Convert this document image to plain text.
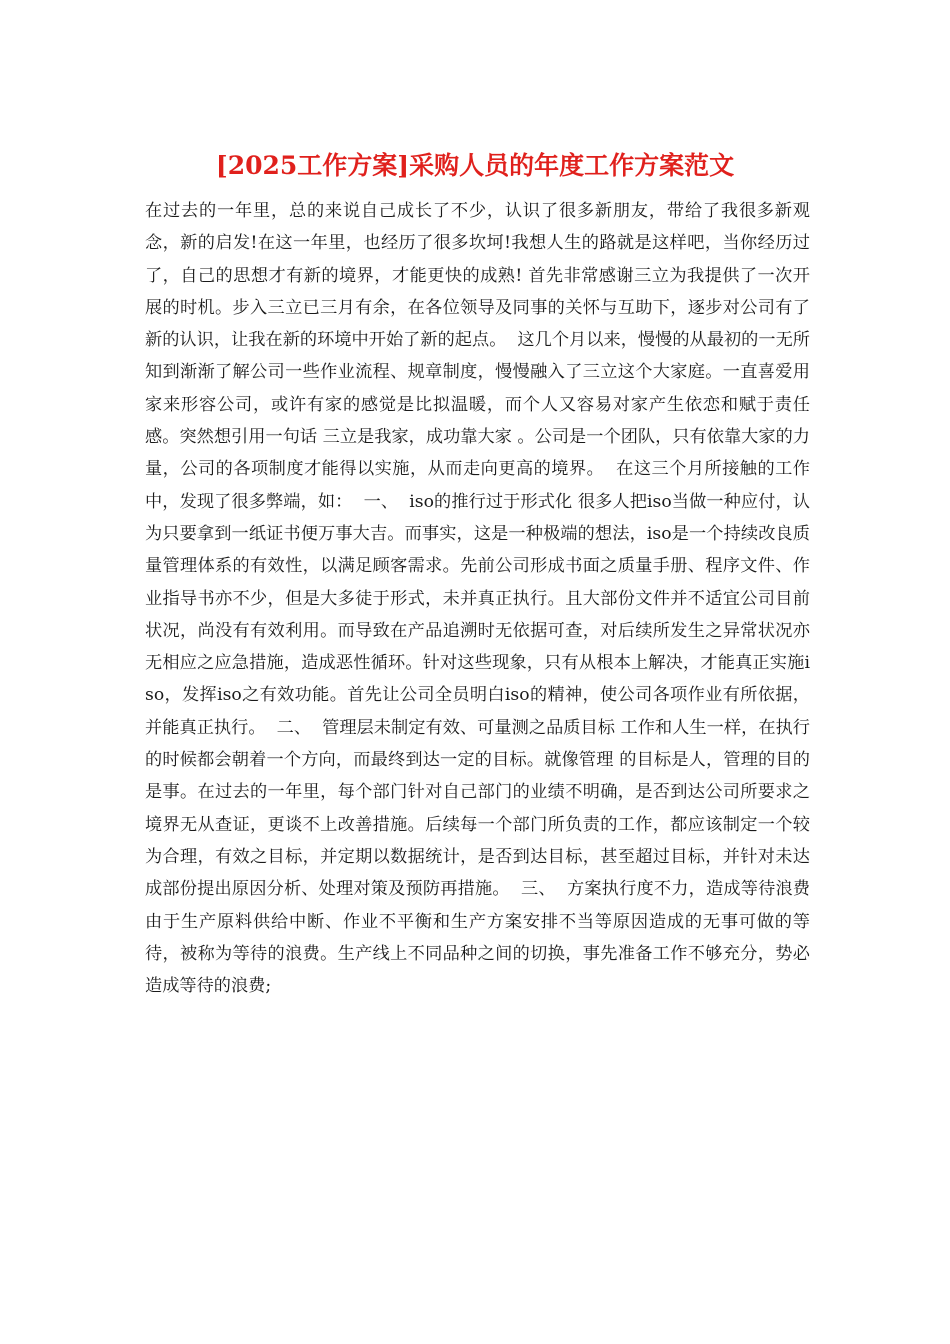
[2025工作方案]采购人员的年度工作方案范文

在过去的一年里，总的来说自己成长了不少，认识了很多新朋友，带给了我很多新观念，新的启发!在这一年里，也经历了很多坎坷!我想人生的路就是这样吧，当你经历过了，自己的思想才有新的境界，才能更快的成熟! 首先非常感谢三立为我提供了一次开展的时机。步入三立已三月有余，在各位领导及同事的关怀与互助下，逐步对公司有了新的认识，让我在新的环境中开始了新的起点。  这几个月以来，慢慢的从最初的一无所知到渐渐了解公司一些作业流程、规章制度，慢慢融入了三立这个大家庭。一直喜爱用家来形容公司，或许有家的感觉是比拟温暖，而个人又容易对家产生依恋和赋于责任感。突然想引用一句话 三立是我家，成功靠大家 。公司是一个团队，只有依靠大家的力量，公司的各项制度才能得以实施，从而走向更高的境界。  在这三个月所接触的工作中，发现了很多弊端，如：  一、  iso的推行过于形式化 很多人把iso当做一种应付，认为只要拿到一纸证书便万事大吉。而事实，这是一种极端的想法，iso是一个持续改良质量管理体系的有效性，以满足顾客需求。先前公司形成书面之质量手册、程序文件、作业指导书亦不少，但是大多徒于形式，未并真正执行。且大部份文件并不适宜公司目前状况，尚没有有效利用。而导致在产品追溯时无依据可查，对后续所发生之异常状况亦无相应之应急措施，造成恶性循环。针对这些现象，只有从根本上解决，才能真正实施iso，发挥iso之有效功能。首先让公司全员明白iso的精神，使公司各项作业有所依据，并能真正执行。  二、  管理层未制定有效、可量测之品质目标 工作和人生一样，在执行的时候都会朝着一个方向，而最终到达一定的目标。就像管理 的目标是人，管理的目的是事。在过去的一年里，每个部门针对自己部门的业绩不明确，是否到达公司所要求之境界无从查证，更谈不上改善措施。后续每一个部门所负责的工作，都应该制定一个较为合理，有效之目标，并定期以数据统计，是否到达目标，甚至超过目标，并针对未达成部份提出原因分析、处理对策及预防再措施。  三、  方案执行度不力，造成等待浪费 由于生产原料供给中断、作业不平衡和生产方案安排不当等原因造成的无事可做的等待，被称为等待的浪费。生产线上不同品种之间的切换，事先准备工作不够充分，势必造成等待的浪费;
